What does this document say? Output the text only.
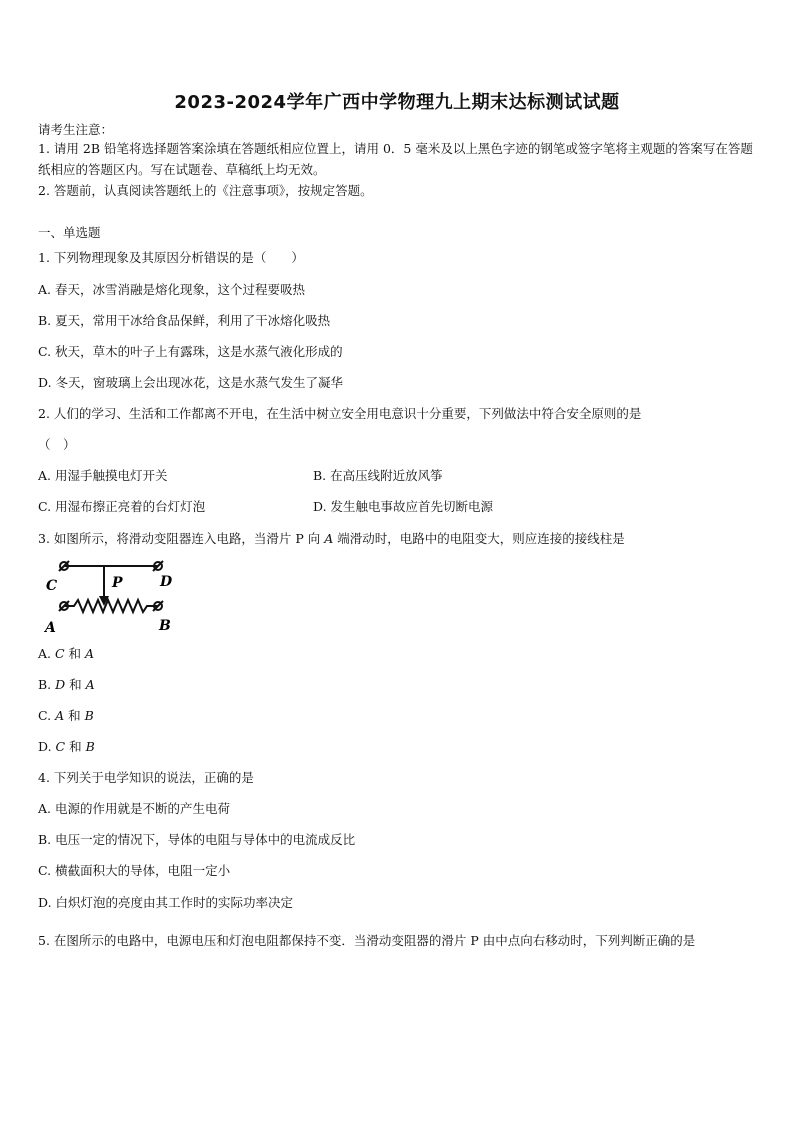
2023-2024学年广西中学物理九上期末达标测试试题
请考生注意：
1. 请用 2B 铅笔将选择题答案涂填在答题纸相应位置上，请用 0．5 毫米及以上黑色字迹的钢笔或签字笔将主观题的答案写在答题纸相应的答题区内。写在试题卷、草稿纸上均无效。
2. 答题前，认真阅读答题纸上的《注意事项》，按规定答题。
一、单选题
1. 下列物理现象及其原因分析错误的是（　　）
A. 春天，冰雪消融是熔化现象，这个过程要吸热
B. 夏天，常用干冰给食品保鲜，利用了干冰熔化吸热
C. 秋天，草木的叶子上有露珠，这是水蒸气液化形成的
D. 冬天，窗玻璃上会出现冰花，这是水蒸气发生了凝华
2. 人们的学习、生活和工作都离不开电，在生活中树立安全用电意识十分重要，下列做法中符合安全原则的是
（　）
A. 用湿手触摸电灯开关	B. 在高压线附近放风筝
C. 用湿布擦正亮着的台灯灯泡	D. 发生触电事故应首先切断电源
3. 如图所示，将滑动变阻器连入电路，当滑片 P 向 A 端滑动时，电路中的电阻变大，则应连接的接线柱是
C	D
P
A	B
A. C 和 A
B. D 和 A
C. A 和 B
D. C 和 B
4. 下列关于电学知识的说法，正确的是
A. 电源的作用就是不断的产生电荷
B. 电压一定的情况下，导体的电阻与导体中的电流成反比
C. 横截面积大的导体，电阻一定小
D. 白炽灯泡的亮度由其工作时的实际功率决定
5. 在图所示的电路中，电源电压和灯泡电阻都保持不变．当滑动变阻器的滑片 P 由中点向右移动时，下列判断正确的是
